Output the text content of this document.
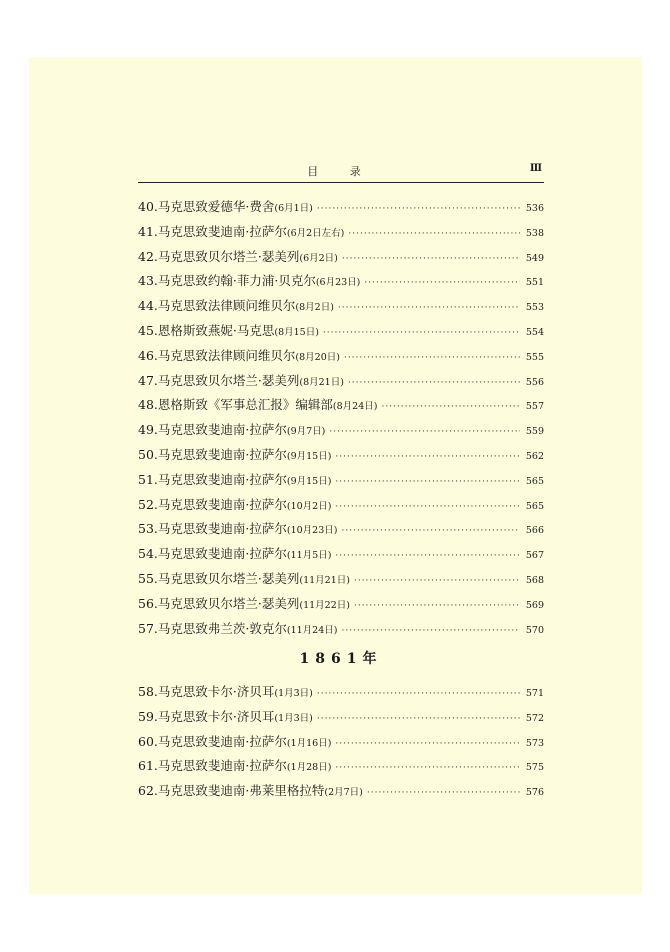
目 录	Ⅲ
40 . 马克思致爱德华·费舍 (6月1日) ·····	536
41 . 马克思致斐迪南·拉萨尔 (6月2日左右) ·····	538
42 . 马克思致贝尔塔兰·瑟美列 (6月2日) ·····	549
43 . 马克思致约翰·菲力浦·贝克尔 (6月23日) ·····	551
44 . 马克思致法律顾问维贝尔 (8月2日) ·····	553
45 . 恩格斯致燕妮·马克思 (8月15日) ·····	554
46 . 马克思致法律顾问维贝尔 (8月20日) ·····	555
47 . 马克思致贝尔塔兰·瑟美列 (8月21日) ·····	556
48 . 恩格斯致《军事总汇报》编辑部 (8月24日) ·····	557
49 . 马克思致斐迪南·拉萨尔 (9月7日) ·····	559
50 . 马克思致斐迪南·拉萨尔 (9月15日) ·····	562
51 . 马克思致斐迪南·拉萨尔 (9月15日) ·····	565
52 . 马克思致斐迪南·拉萨尔 (10月2日) ·····	565
53 . 马克思致斐迪南·拉萨尔 (10月23日) ·····	566
54 . 马克思致斐迪南·拉萨尔 (11月5日) ·····	567
55 . 马克思致贝尔塔兰·瑟美列 (11月21日) ·····	568
56 . 马克思致贝尔塔兰·瑟美列 (11月22日) ·····	569
57 . 马克思致弗兰茨·敦克尔 (11月24日) ·····	570
1861年
58 . 马克思致卡尔·济贝耳 (1月3日) ·····	571
59 . 马克思致卡尔·济贝耳 (1月3日) ·····	572
60 . 马克思致斐迪南·拉萨尔 (1月16日) ·····	573
61 . 马克思致斐迪南·拉萨尔 (1月28日) ·····	575
62 . 马克思致斐迪南·弗莱里格拉特 (2月7日) ·····	576
